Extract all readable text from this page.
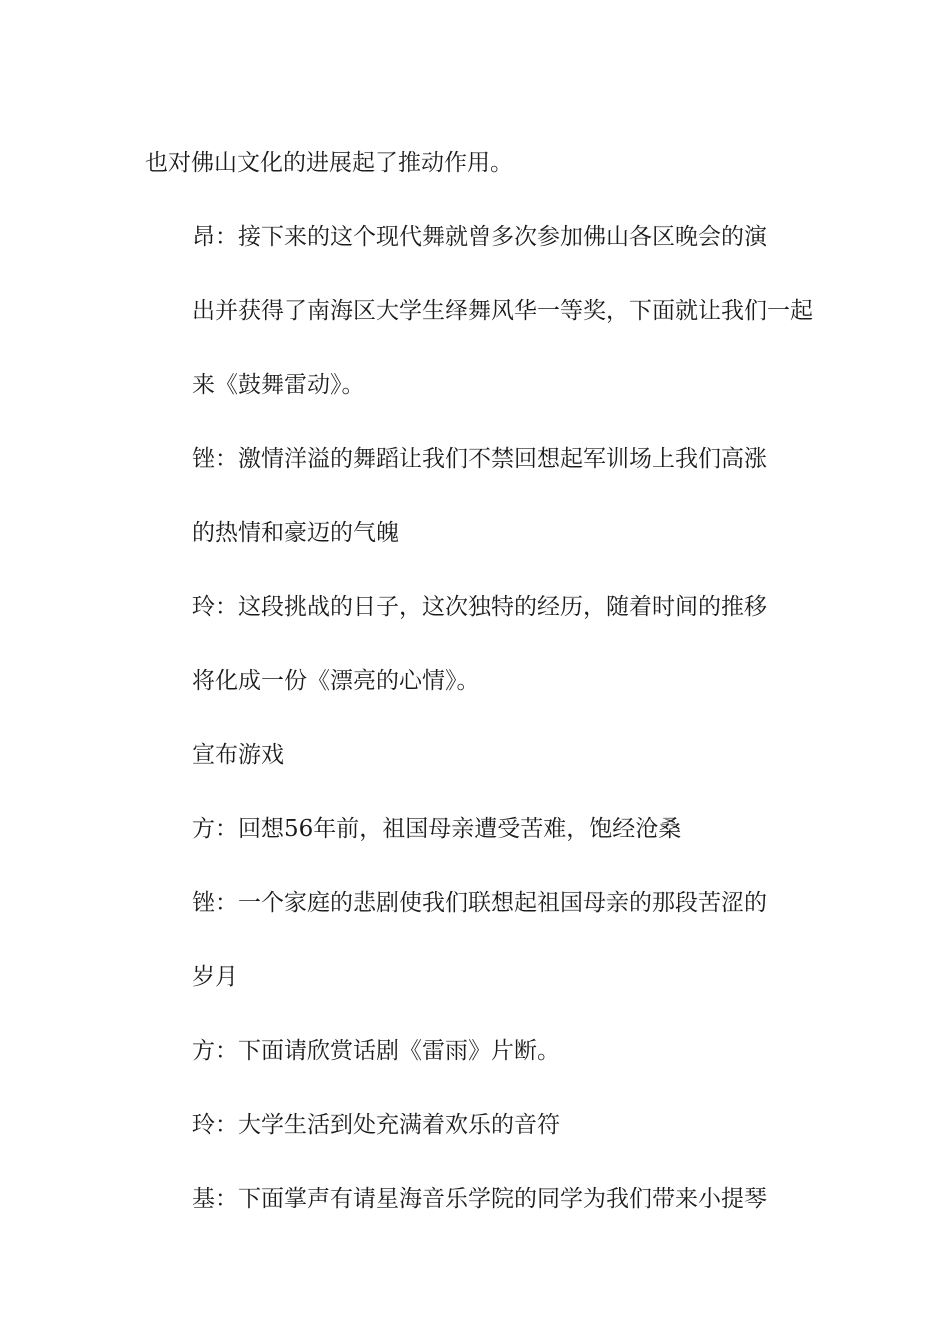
也对佛山文化的进展起了推动作用。

昂：接下来的这个现代舞就曾多次参加佛山各区晚会的演
出并获得了南海区大学生绎舞风华一等奖，下面就让我们一起
来《鼓舞雷动》。

锉：激情洋溢的舞蹈让我们不禁回想起军训场上我们高涨
的热情和豪迈的气魄

玲：这段挑战的日子，这次独特的经历，随着时间的推移
将化成一份《漂亮的心情》。

宣布游戏

方：回想56年前，祖国母亲遭受苦难，饱经沧桑

锉：一个家庭的悲剧使我们联想起祖国母亲的那段苦涩的
岁月

方：下面请欣赏话剧《雷雨》片断。

玲：大学生活到处充满着欢乐的音符

基：下面掌声有请星海音乐学院的同学为我们带来小提琴
